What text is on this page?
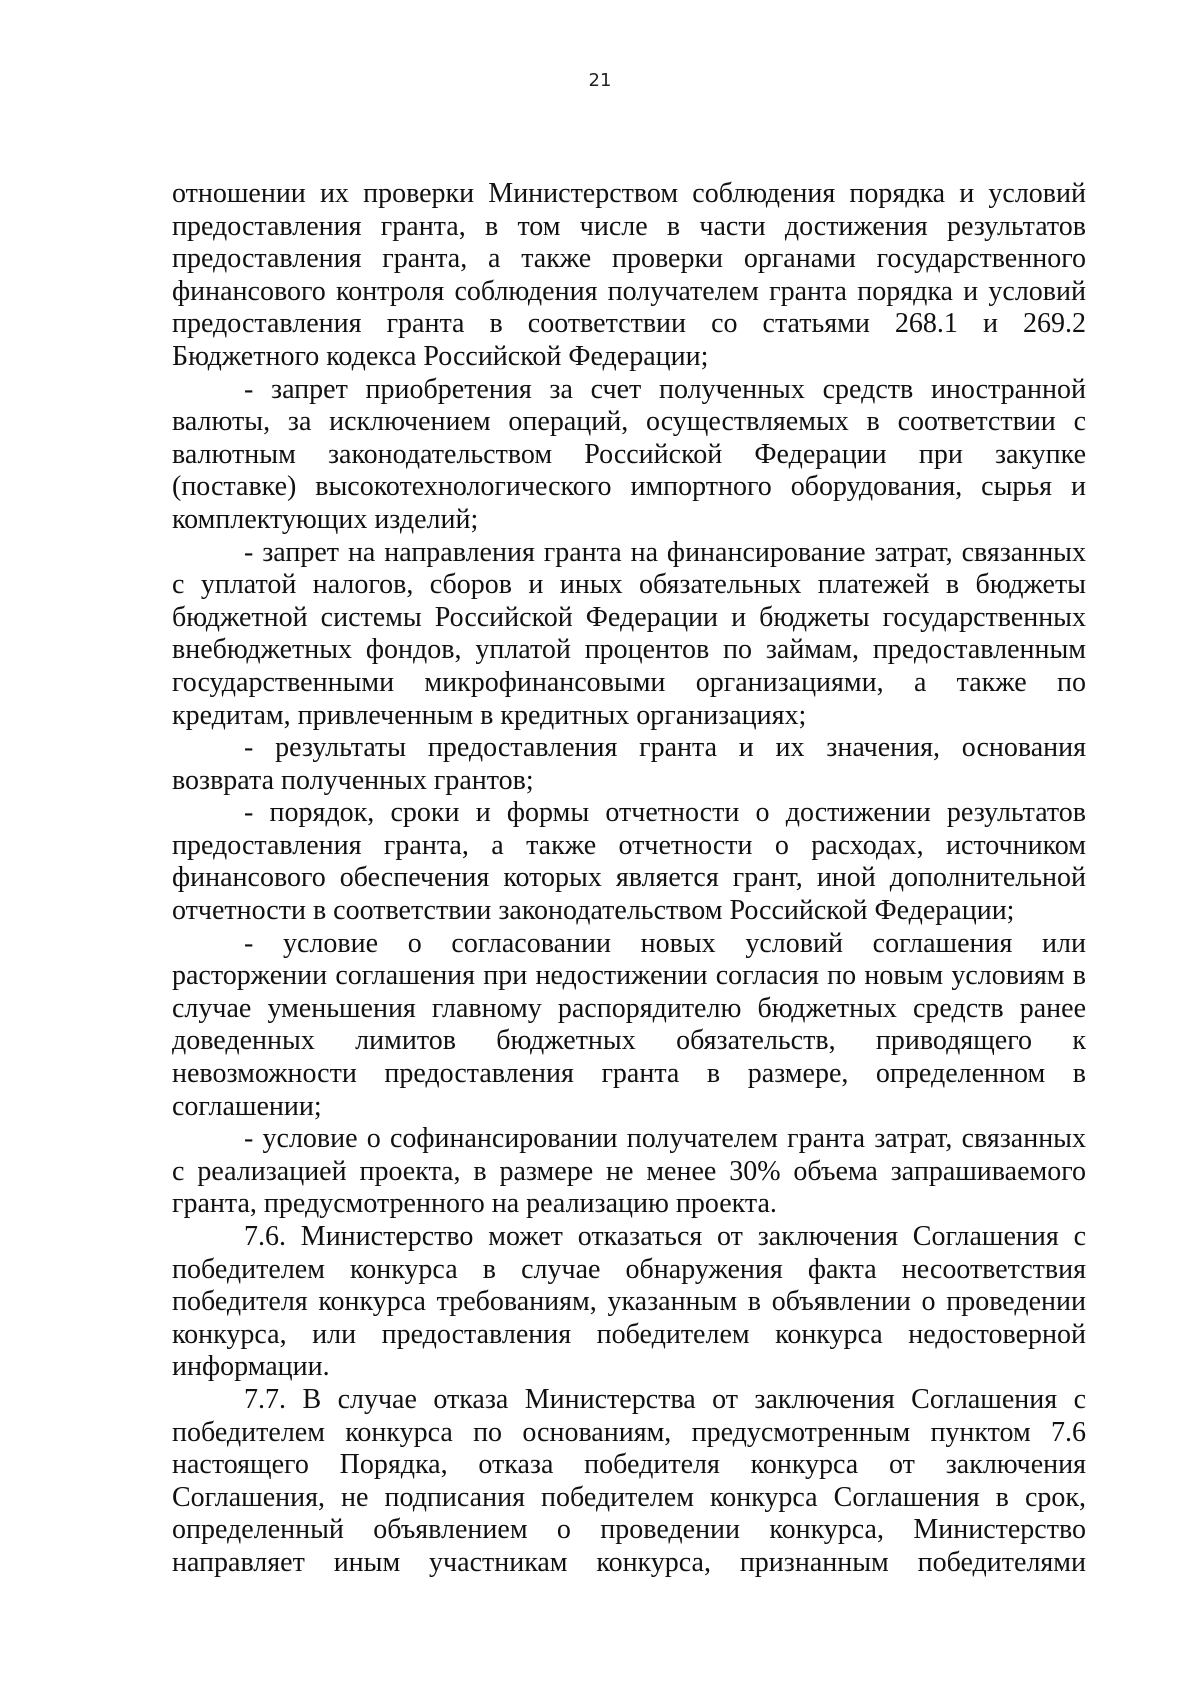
21

отношении их проверки Министерством соблюдения порядка и условий предоставления гранта, в том числе в части достижения результатов предоставления гранта, а также проверки органами государственного финансового контроля соблюдения получателем гранта порядка и условий предоставления гранта в соответствии со статьями 268.1 и 269.2 Бюджетного кодекса Российской Федерации;

- запрет приобретения за счет полученных средств иностранной валюты, за исключением операций, осуществляемых в соответствии с валютным законодательством Российской Федерации при закупке (поставке) высокотехнологического импортного оборудования, сырья и комплектующих изделий;

- запрет на направления гранта на финансирование затрат, связанных с уплатой налогов, сборов и иных обязательных платежей в бюджеты бюджетной системы Российской Федерации и бюджеты государственных внебюджетных фондов, уплатой процентов по займам, предоставленным государственными микрофинансовыми организациями, а также по кредитам, привлеченным в кредитных организациях;

- результаты предоставления гранта и их значения, основания возврата полученных грантов;

- порядок, сроки и формы отчетности о достижении результатов предоставления гранта, а также отчетности о расходах, источником финансового обеспечения которых является грант, иной дополнительной отчетности в соответствии законодательством Российской Федерации;

- условие о согласовании новых условий соглашения или расторжении соглашения при недостижении согласия по новым условиям в случае уменьшения главному распорядителю бюджетных средств ранее доведенных лимитов бюджетных обязательств, приводящего к невозможности предоставления гранта в размере, определенном в соглашении;

- условие о софинансировании получателем гранта затрат, связанных с реализацией проекта, в размере не менее 30% объема запрашиваемого гранта, предусмотренного на реализацию проекта.

7.6. Министерство может отказаться от заключения Соглашения с победителем конкурса в случае обнаружения факта несоответствия победителя конкурса требованиям, указанным в объявлении о проведении конкурса, или предоставления победителем конкурса недостоверной информации.

7.7. В случае отказа Министерства от заключения Соглашения с победителем конкурса по основаниям, предусмотренным пунктом 7.6 настоящего Порядка, отказа победителя конкурса от заключения Соглашения, не подписания победителем конкурса Соглашения в срок, определенный объявлением о проведении конкурса, Министерство направляет иным участникам конкурса, признанным победителями
